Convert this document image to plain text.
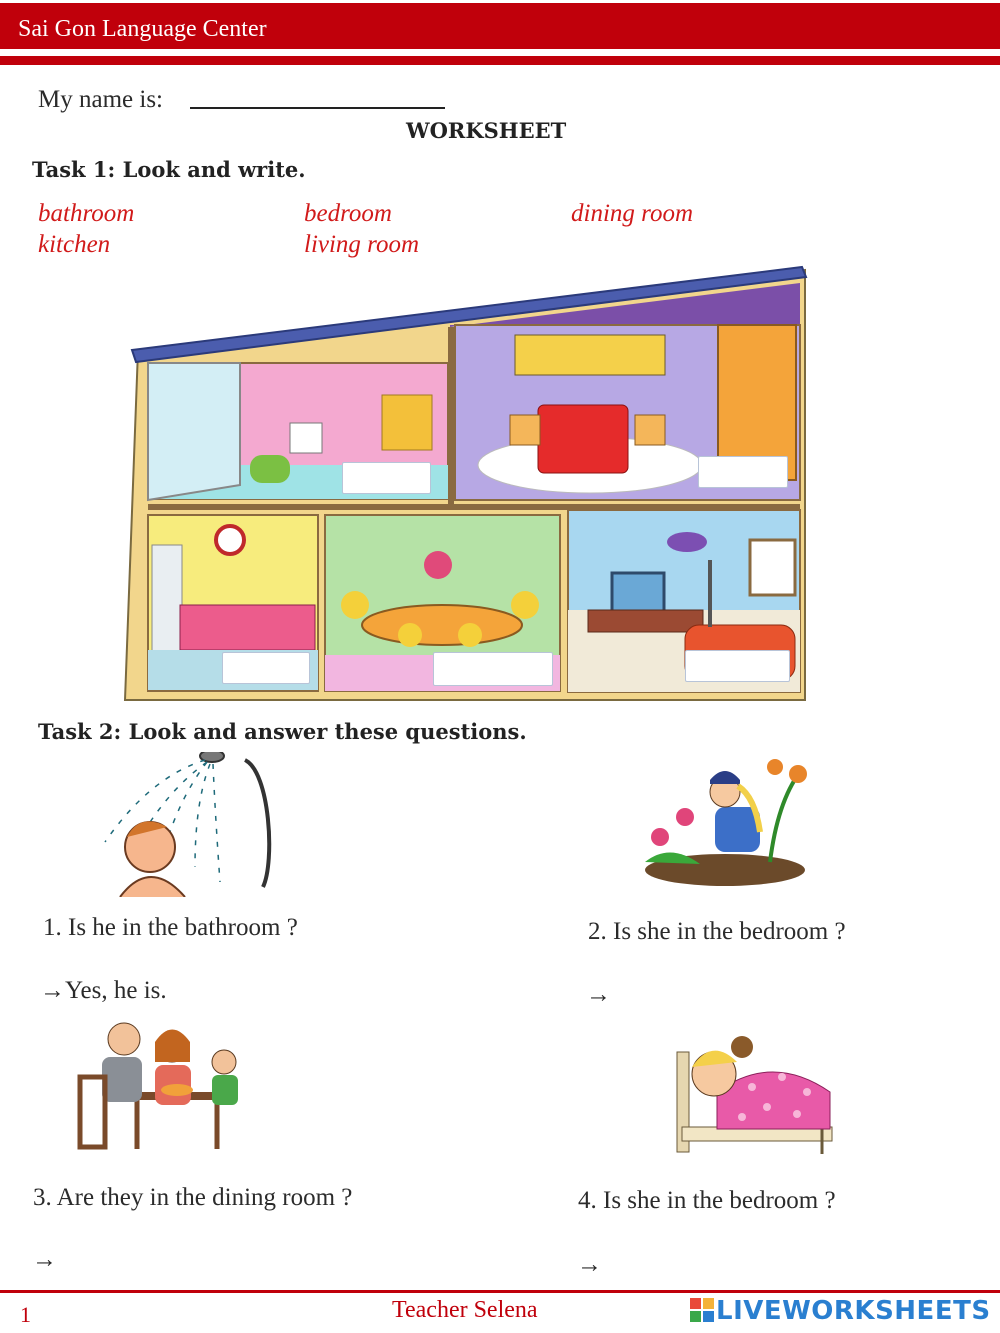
Sai Gon Language Center
My name is:
WORKSHEET
Task 1: Look and write.
bathroom	bedroom	dining room
kitchen	living room
Task 2: Look and answer these questions.
1. Is he in the bathroom ?	2. Is she in the bedroom ?
→Yes, he is.	→
3. Are they in the dining room ?	4. Is she in the bedroom ?
→	→
1	Teacher Selena	LIVEWORKSHEETS
